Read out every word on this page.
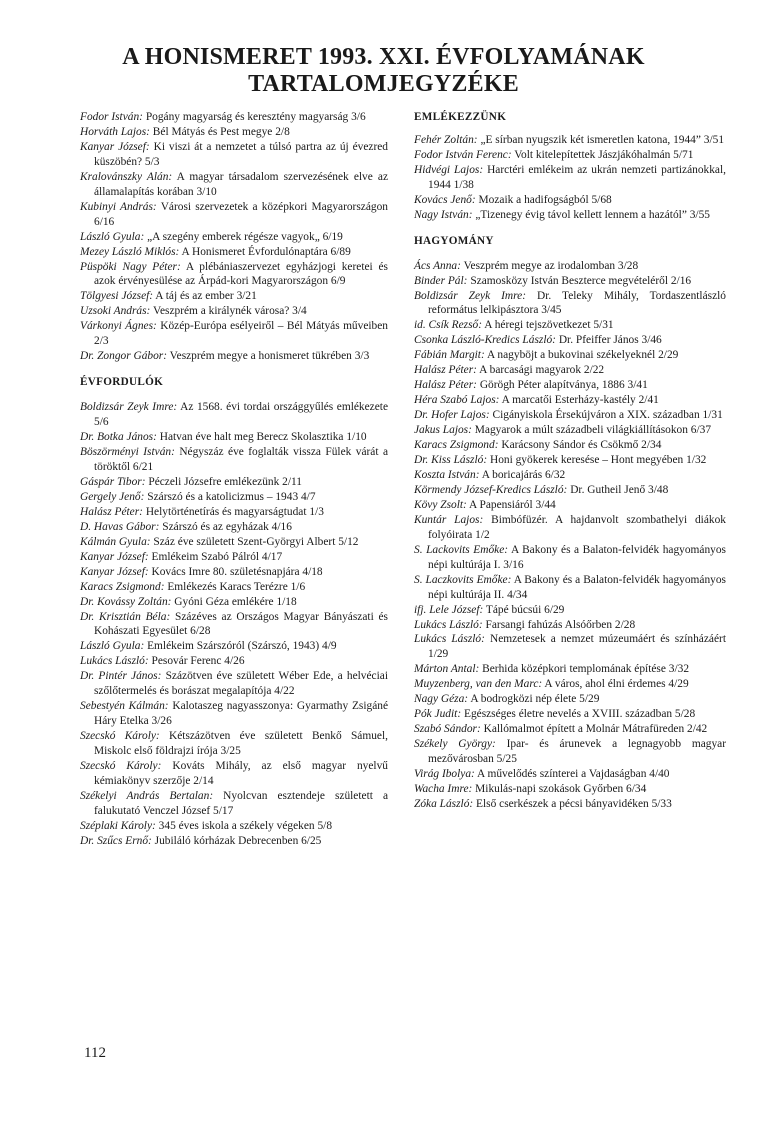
A HONISMERET 1993. XXI. ÉVFOLYAMÁNAK
TARTALOMJEGYZÉKE

Fodor István: Pogány magyarság és keresztény magyarság 3/6

Horváth Lajos: Bél Mátyás és Pest megye 2/8

Kanyar József: Ki viszi át a nemzetet a túlsó partra az új évezred küszöbén? 5/3

Kralovánszky Alán: A magyar társadalom szervezésének elve az államalapítás korában 3/10

Kubinyi András: Városi szervezetek a középkori Magyarországon 6/16

László Gyula: „A szegény emberek régésze vagyok„ 6/19

Mezey László Miklós: A Honismeret Évfordulónaptára 6/89

Püspöki Nagy Péter: A plébániaszervezet egyházjogi keretei és azok érvényesülése az Árpád-kori Magyarországon 6/9

Tölgyesi József: A táj és az ember 3/21

Uzsoki András: Veszprém a királynék városa? 3/4

Várkonyi Ágnes: Közép-Európa esélyeiről – Bél Mátyás műveiben 2/3

Dr. Zongor Gábor: Veszprém megye a honismeret tükrében 3/3

ÉVFORDULÓK

Boldizsár Zeyk Imre: Az 1568. évi tordai országgyűlés emlékezete 5/6

Dr. Botka János: Hatvan éve halt meg Berecz Skolasztika 1/10

Böszörményi István: Négyszáz éve foglalták vissza Fülek várát a töröktől 6/21

Gáspár Tibor: Péczeli Józsefre emlékezünk 2/11

Gergely Jenő: Szárszó és a katolicizmus – 1943 4/7

Halász Péter: Helytörténetírás és magyarságtudat 1/3

D. Havas Gábor: Szárszó és az egyházak 4/16

Kálmán Gyula: Száz éve született Szent-Györgyi Albert 5/12

Kanyar József: Emlékeim Szabó Pálról 4/17

Kanyar József: Kovács Imre 80. születésnapjára 4/18

Karacs Zsigmond: Emlékezés Karacs Terézre 1/6

Dr. Kovássy Zoltán: Gyóni Géza emlékére 1/18

Dr. Krisztián Béla: Százéves az Országos Magyar Bányászati és Kohászati Egyesület 6/28

László Gyula: Emlékeim Szárszóról (Szárszó, 1943) 4/9

Lukács László: Pesovár Ferenc 4/26

Dr. Pintér János: Százötven éve született Wéber Ede, a helvéciai szőlőtermelés és borászat megalapítója 4/22

Sebestyén Kálmán: Kalotaszeg nagyasszonya: Gyarmathy Zsigáné Háry Etelka 3/26

Szecskó Károly: Kétszázötven éve született Benkő Sámuel, Miskolc első földrajzi írója 3/25

Szecskó Károly: Kováts Mihály, az első magyar nyelvű kémiakönyv szerzője 2/14

Székelyi András Bertalan: Nyolcvan esztendeje született a falukutató Venczel József 5/17

Széplaki Károly: 345 éves iskola a székely végeken 5/8

Dr. Szűcs Ernő: Jubiláló kórházak Debrecenben 6/25

EMLÉKEZZÜNK

Fehér Zoltán: „E sírban nyugszik két ismeretlen katona, 1944” 3/51

Fodor István Ferenc: Volt kitelepítettek Jászjákóhalmán 5/71

Hidvégi Lajos: Harctéri emlékeim az ukrán nemzeti partizánokkal, 1944 1/38

Kovács Jenő: Mozaik a hadifogságból 5/68

Nagy István: „Tizenegy évig távol kellett lennem a hazától” 3/55

HAGYOMÁNY

Ács Anna: Veszprém megye az irodalomban 3/28

Binder Pál: Szamosközy István Beszterce megvételéről 2/16

Boldizsár Zeyk Imre: Dr. Teleky Mihály, Tordaszentlászló református lelkipásztora 3/45

id. Csík Rezső: A héregi tejszövetkezet 5/31

Csonka László-Kredics László: Dr. Pfeiffer János 3/46

Fábián Margit: A nagyböjt a bukovinai székelyeknél 2/29

Halász Péter: A barcasági magyarok 2/22

Halász Péter: Görögh Péter alapítványa, 1886 3/41

Héra Szabó Lajos: A marcatői Esterházy-kastély 2/41

Dr. Hofer Lajos: Cigányiskola Érsekújváron a XIX. században 1/31

Jakus Lajos: Magyarok a múlt századbeli világkiállításokon 6/37

Karacs Zsigmond: Karácsony Sándor és Csökmő 2/34

Dr. Kiss László: Honi gyökerek keresése – Hont megyében 1/32

Koszta István: A boricajárás 6/32

Körmendy József-Kredics László: Dr. Gutheil Jenő 3/48

Kövy Zsolt: A Papensiáról 3/44

Kuntár Lajos: Bimbófüzér. A hajdanvolt szombathelyi diákok folyóirata 1/2

S. Lackovits Emőke: A Bakony és a Balaton-felvidék hagyományos népi kultúrája I. 3/16

S. Laczkovits Emőke: A Bakony és a Balaton-felvidék hagyományos népi kultúrája II. 4/34

ifj. Lele József: Tápé búcsúi 6/29

Lukács László: Farsangi fahúzás Alsóőrben 2/28

Lukács László: Nemzetesek a nemzet múzeumáért és színházáért 1/29

Márton Antal: Berhida középkori templomának építése 3/32

Muyzenberg, van den Marc: A város, ahol élni érdemes 4/29

Nagy Géza: A bodrogközi nép élete 5/29

Pók Judit: Egészséges életre nevelés a XVIII. században 5/28

Szabó Sándor: Kallómalmot épített a Molnár Mátrafüreden 2/42

Székely György: Ipar- és árunevek a legnagyobb magyar mezővárosban 5/25

Virág Ibolya: A művelődés színterei a Vajdaságban 4/40

Wacha Imre: Mikulás-napi szokások Győrben 6/34

Zóka László: Első cserkészek a pécsi bányavidéken 5/33

112
